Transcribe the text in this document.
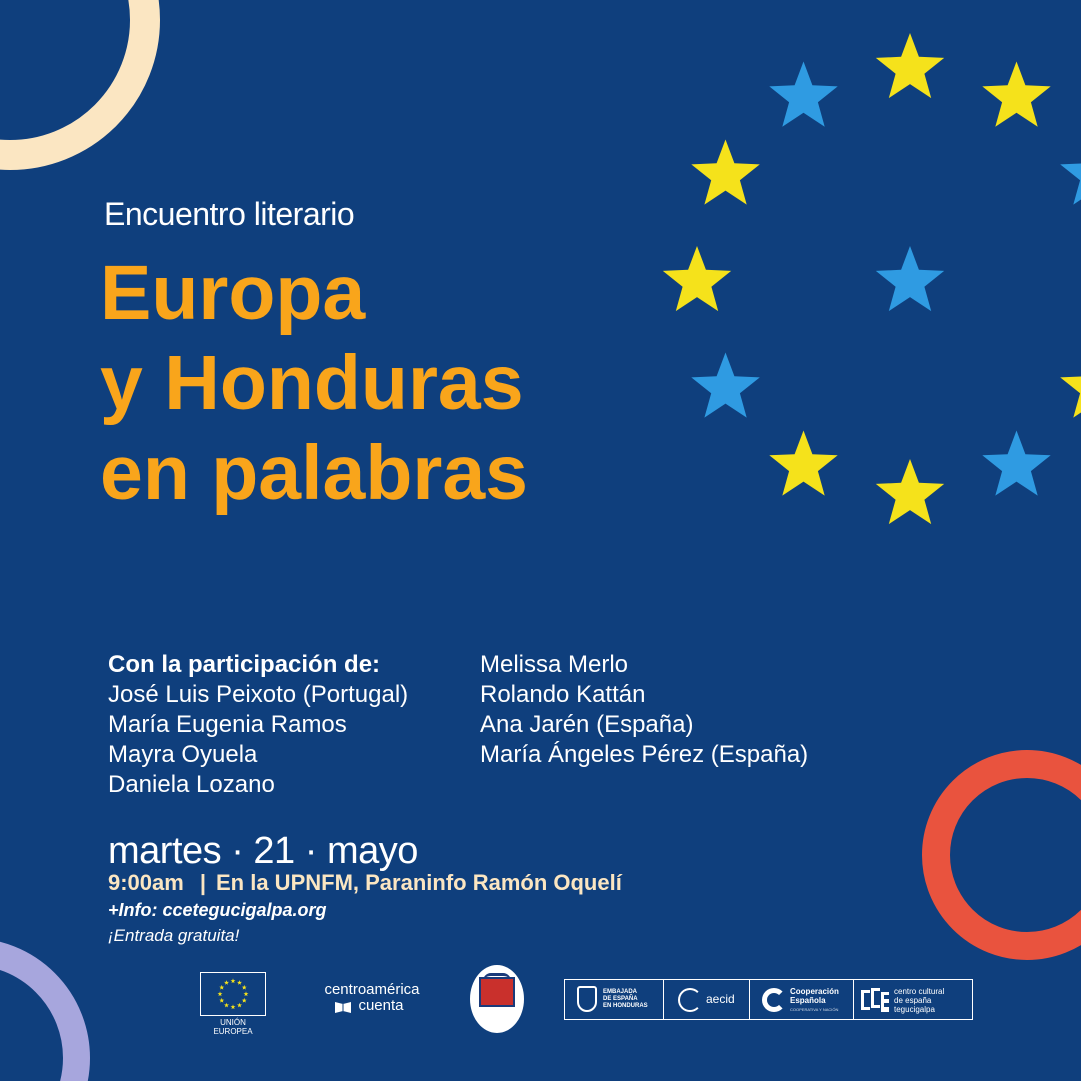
Encuentro literario
Europa
y Honduras
en palabras
Con la participación de:
José Luis Peixoto (Portugal)
María Eugenia Ramos
Mayra Oyuela
Daniela Lozano
Melissa Merlo
Rolando Kattán
Ana Jarén (España)
María Ángeles Pérez (España)
martes · 21 · mayo
9:00am | En la UPNFM, Paraninfo Ramón Oquelí
+Info: ccetegucigalpa.org
¡Entrada gratuita!
UNIÓN EUROPEA
centroamérica
cuenta
EMBAJADA
DE ESPAÑA
EN HONDURAS	aecid
Cooperación
Española
COOPERATIVA Y NACIÓN
centro cultural
de españa
tegucigalpa
